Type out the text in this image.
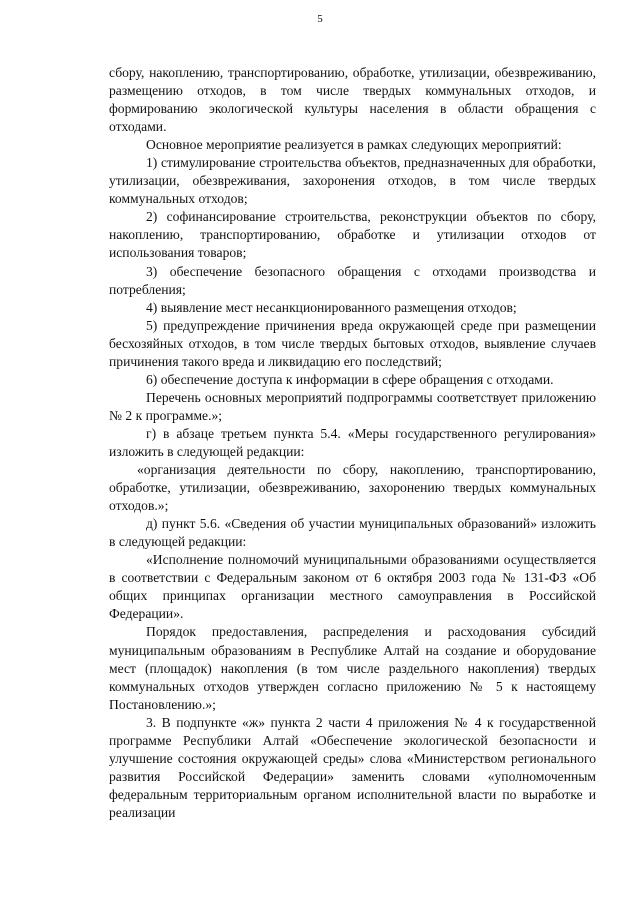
5

сбору, накоплению, транспортированию, обработке, утилизации, обезвреживанию, размещению отходов, в том числе твердых коммунальных отходов, и формированию экологической культуры населения в области обращения с отходами.

Основное мероприятие реализуется в рамках следующих мероприятий:

1) стимулирование строительства объектов, предназначенных для обработки, утилизации, обезвреживания, захоронения отходов, в том числе твердых коммунальных отходов;

2) софинансирование строительства, реконструкции объектов по сбору, накоплению, транспортированию, обработке и утилизации отходов от использования товаров;

3) обеспечение безопасного обращения с отходами производства и потребления;

4) выявление мест несанкционированного размещения отходов;

5) предупреждение причинения вреда окружающей среде при размещении бесхозяйных отходов, в том числе твердых бытовых отходов, выявление случаев причинения такого вреда и ликвидацию его последствий;

6) обеспечение доступа к информации в сфере обращения с отходами.

Перечень основных мероприятий подпрограммы соответствует приложению № 2 к программе.»;

г) в абзаце третьем пункта 5.4. «Меры государственного регулирования» изложить в следующей редакции:

«организация деятельности по сбору, накоплению, транспортированию, обработке, утилизации, обезвреживанию, захоронению твердых коммунальных отходов.»;

д) пункт 5.6. «Сведения об участии муниципальных образований» изложить в следующей редакции:

«Исполнение полномочий муниципальными образованиями осуществляется в соответствии с Федеральным законом от 6 октября 2003 года № 131-ФЗ «Об общих принципах организации местного самоуправления в Российской Федерации».

Порядок предоставления, распределения и расходования субсидий муниципальным образованиям в Республике Алтай на создание и оборудование мест (площадок) накопления (в том числе раздельного накопления) твердых коммунальных отходов утвержден согласно приложению № 5 к настоящему Постановлению.»;

3. В подпункте «ж» пункта 2 части 4 приложения № 4 к государственной программе Республики Алтай «Обеспечение экологической безопасности и улучшение состояния окружающей среды» слова «Министерством регионального развития Российской Федерации» заменить словами «уполномоченным федеральным территориальным органом исполнительной власти по выработке и реализации
